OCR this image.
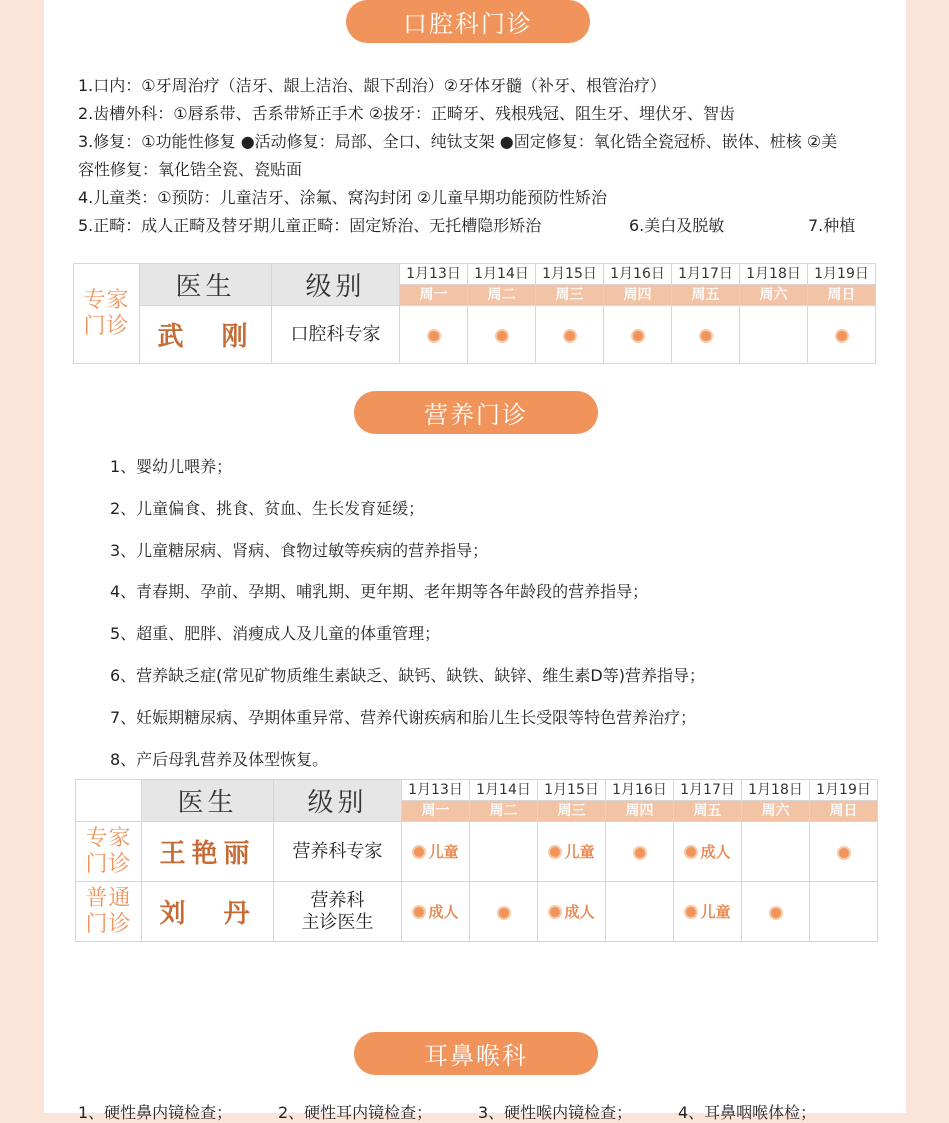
口腔科门诊

1.口内：①牙周治疗（洁牙、龈上洁治、龈下刮治）②牙体牙髓（补牙、根管治疗）

2.齿槽外科：①唇系带、舌系带矫正手术 ②拔牙：正畸牙、残根残冠、阻生牙、埋伏牙、智齿

3.修复：①功能性修复 ●活动修复：局部、全口、纯钛支架 ●固定修复：氧化锆全瓷冠桥、嵌体、桩核 ②美

容性修复：氧化锆全瓷、瓷贴面

4.儿童类：①预防：儿童洁牙、涂氟、窝沟封闭 ②儿童早期功能预防性矫治

5.正畸：成人正畸及替牙期儿童正畸：固定矫治、无托槽隐形矫治	6.美白及脱敏	7.种植
专家
门诊	医生	级别	1月13日	1月14日	1月15日	1月16日	1月17日	1月18日	1月19日
			周一	周二	周三	周四	周五	周六	周日
	武　刚	口腔科专家							
营养门诊

1、婴幼儿喂养；

2、儿童偏食、挑食、贫血、生长发育延缓；

3、儿童糖尿病、肾病、食物过敏等疾病的营养指导；

4、青春期、孕前、孕期、哺乳期、更年期、老年期等各年龄段的营养指导；

5、超重、肥胖、消瘦成人及儿童的体重管理；

6、营养缺乏症(常见矿物质维生素缺乏、缺钙、缺铁、缺锌、维生素D等)营养指导；

7、妊娠期糖尿病、孕期体重异常、营养代谢疾病和胎儿生长受限等特色营养治疗；

8、产后母乳营养及体型恢复。

	医生	级别	1月13日	1月14日	1月15日	1月16日	1月17日	1月18日	1月19日
			周一	周二	周三	周四	周五	周六	周日
专家
门诊	王艳丽	营养科专家	儿童		儿童		成人		
普通
门诊	刘　丹	营养科
主诊医生	成人		成人		儿童		
耳鼻喉科
1、硬性鼻内镜检查；	2、硬性耳内镜检查；	3、硬性喉内镜检查；	4、耳鼻咽喉体检；
